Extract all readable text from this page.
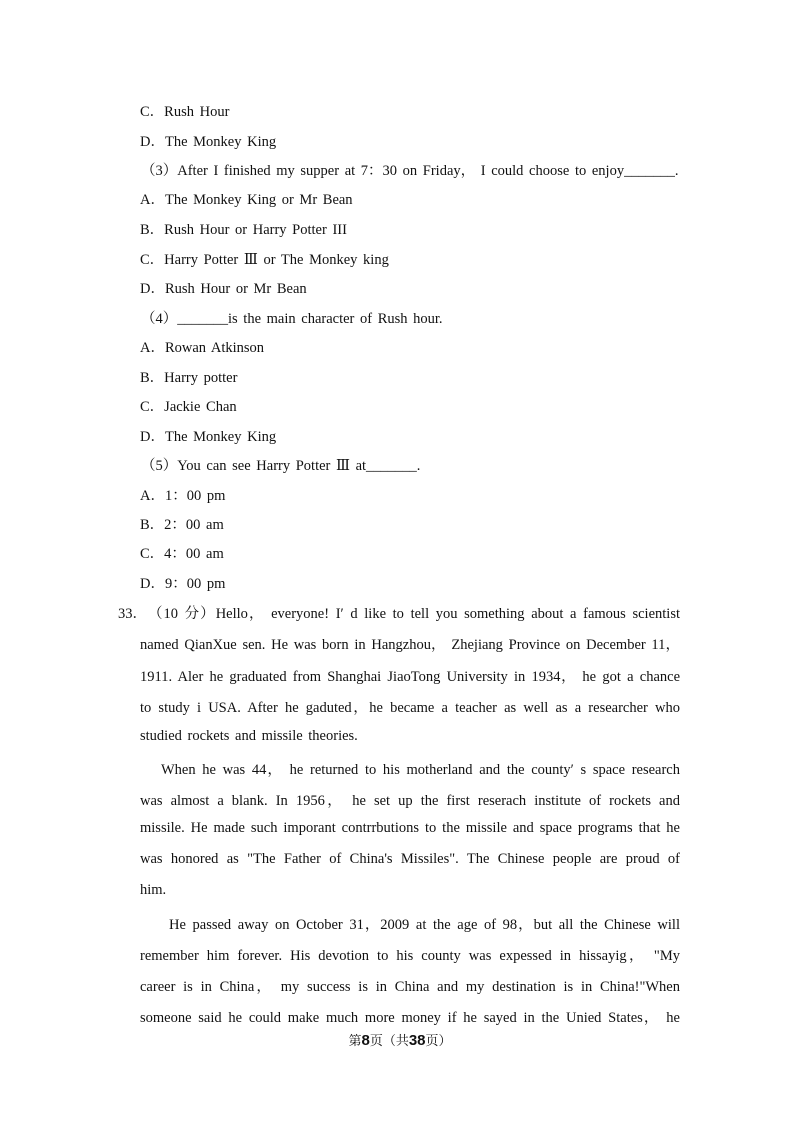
C．Rush Hour
D．The Monkey King
（3）After I finished my supper at 7：30 on Friday， I could choose to enjoy_______.
A．The Monkey King or Mr Bean
B．Rush Hour or Harry Potter III
C．Harry Potter Ⅲ or The Monkey king
D．Rush Hour or Mr Bean
（4）_______is the main character of Rush hour.
A．Rowan Atkinson
B．Harry potter
C．Jackie Chan
D．The Monkey King
（5）You can see Harry Potter Ⅲ at_______.
A．1：00 pm
B．2：00 am
C．4：00 am
D．9：00 pm
33． （10 分）Hello， everyone! I′ d like to tell you something about a famous scientist
named QianXue sen. He was born in Hangzhou， Zhejiang Province on December 11，
1911. Aler he graduated from Shanghai JiaoTong University in 1934， he got a chance
to study i USA. After he gaduted，he became a teacher as well as a researcher who
studied rockets and missile theories.
When he was 44， he returned to his motherland and the county′ s space research
was almost a blank. In 1956， he set up the first reserach institute of rockets and
missile. He made such imporant contrrbutions to the missile and space programs that he
was honored as "The Father of China's Missiles". The Chinese people are proud of
him.
He passed away on October 31，2009 at the age of 98，but all the Chinese will
remember him forever. His devotion to his county was expessed in hissayig， "My
career is in China， my success is in China and my destination is in China!"When
someone said he could make much more money if he sayed in the Unied States， he
第8页（共38页）
